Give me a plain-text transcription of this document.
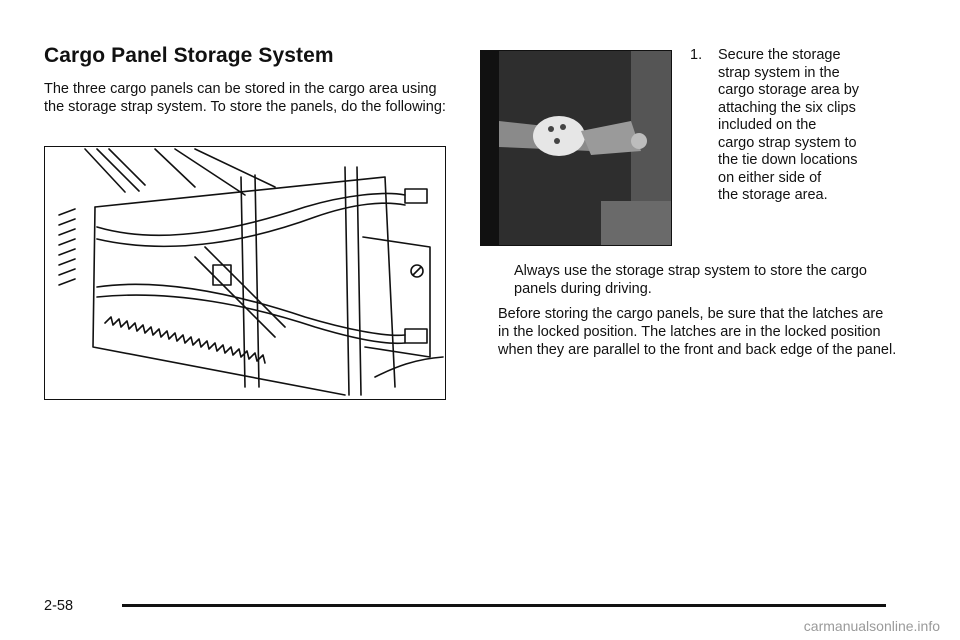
Cargo Panel Storage System

The three cargo panels can be stored in the cargo area using the storage strap system. To store the panels, do the following:

1. Secure the storage
strap system in the
cargo storage area by
attaching the six clips
included on the
cargo strap system to
the tie down locations
on either side of
the storage area.

Always use the storage strap system to store the cargo panels during driving.

Before storing the cargo panels, be sure that the latches are in the locked position. The latches are in the locked position when they are parallel to the front and back edge of the panel.

2-58
carmanualsonline.info
